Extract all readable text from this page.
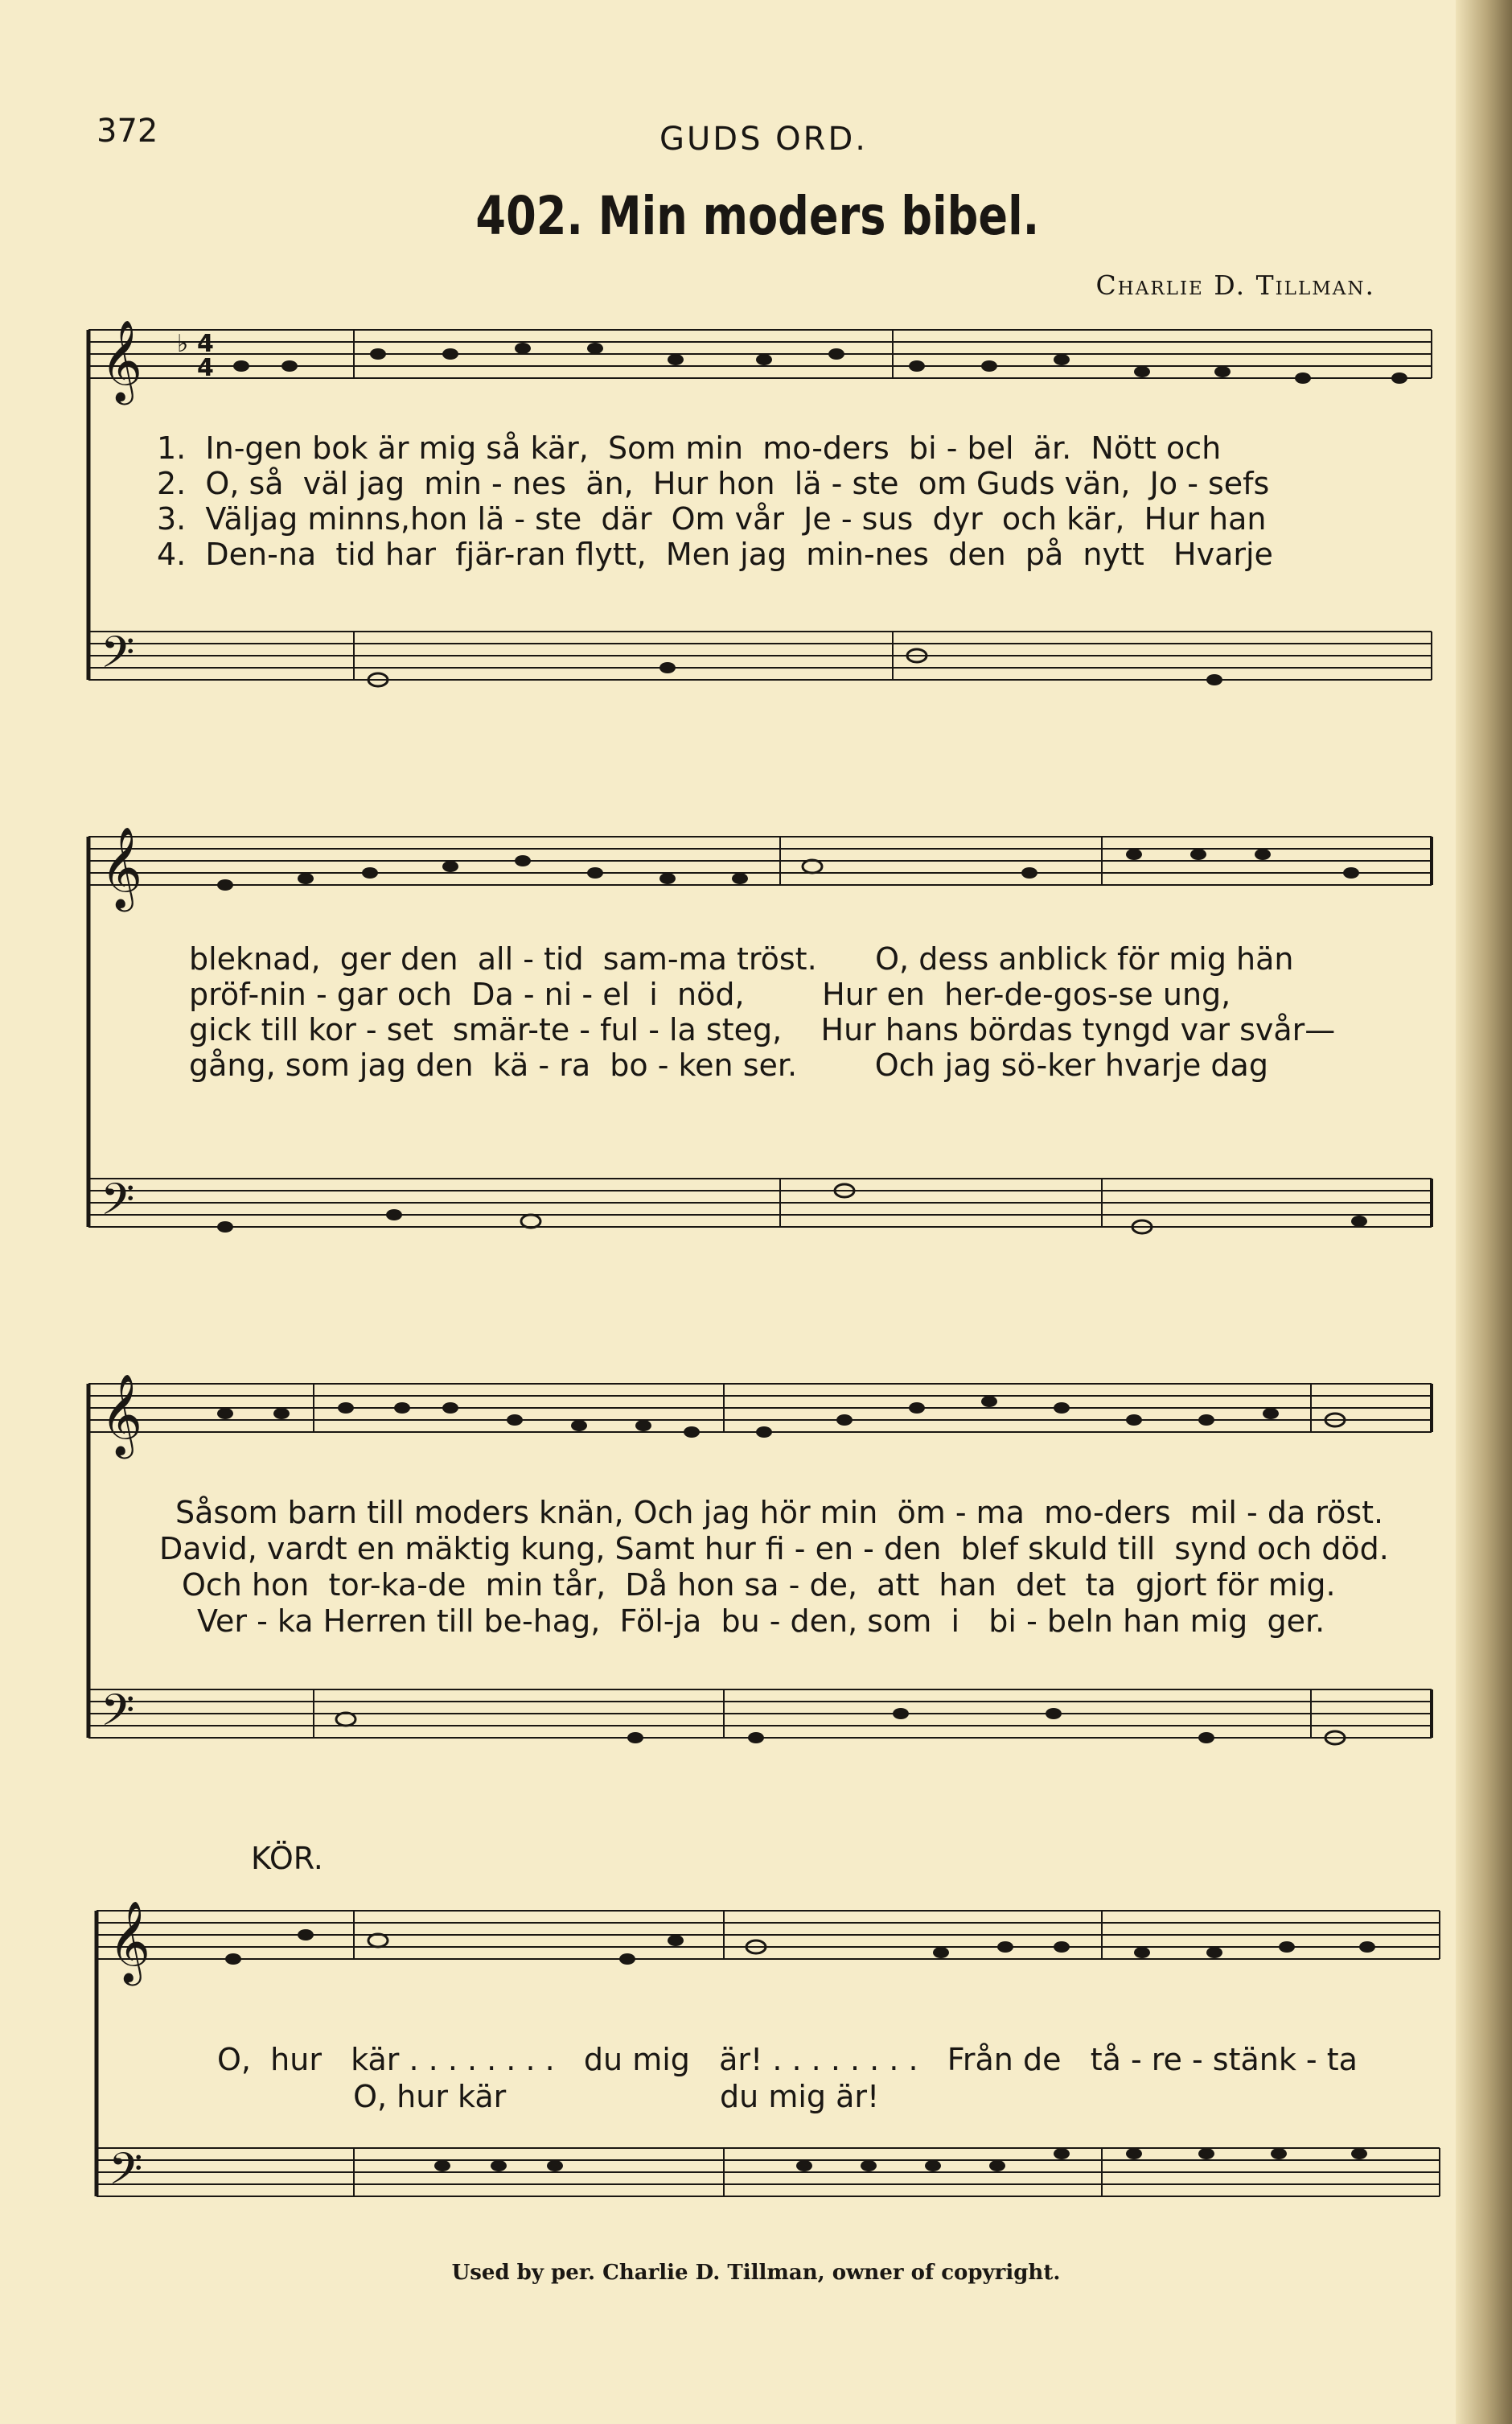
372	GUDS ORD.
402. Min moders bibel.
Charlie D. Tillman.
𝄞
𝄢
♭ 4
4
1.  In-gen bok är mig så kär,  Som min  mo-ders  bi - bel  är.  Nött och
2.  O, så  väl jag  min - nes  än,  Hur hon  lä - ste  om Guds vän,  Jo - sefs
3.  Väljag minns,hon lä - ste  där  Om vår  Je - sus  dyr  och kär,  Hur han
4.  Den-na  tid har  fjär-ran flytt,  Men jag  min-nes  den  på  nytt   Hvarje
𝄞
𝄢
bleknad,  ger den  all - tid  sam-ma tröst.      O, dess anblick för mig hän
pröf-nin - gar och  Da - ni - el  i  nöd,        Hur en  her-de-gos-se ung,
gick till kor - set  smär-te - ful - la steg,    Hur hans bördas tyngd var svår—
gång, som jag den  kä - ra  bo - ken ser.        Och jag sö-ker hvarje dag
𝄞
𝄢
Såsom barn till moders knän, Och jag hör min  öm - ma  mo-ders  mil - da röst.
David, vardt en mäktig kung, Samt hur fi - en - den  blef skuld till  synd och död.
Och hon  tor-ka-de  min tår,  Då hon sa - de,  att  han  det  ta  gjort för mig.
Ver - ka Herren till be-hag,  Föl-ja  bu - den, som  i   bi - beln han mig  ger.
KÖR.
𝄞
𝄢
O,  hur   kär . . . . . . . .   du mig   är! . . . . . . . .   Från de   tå - re - stänk - ta
O, hur kär                      du mig är!
Used by per. Charlie D. Tillman, owner of copyright.
